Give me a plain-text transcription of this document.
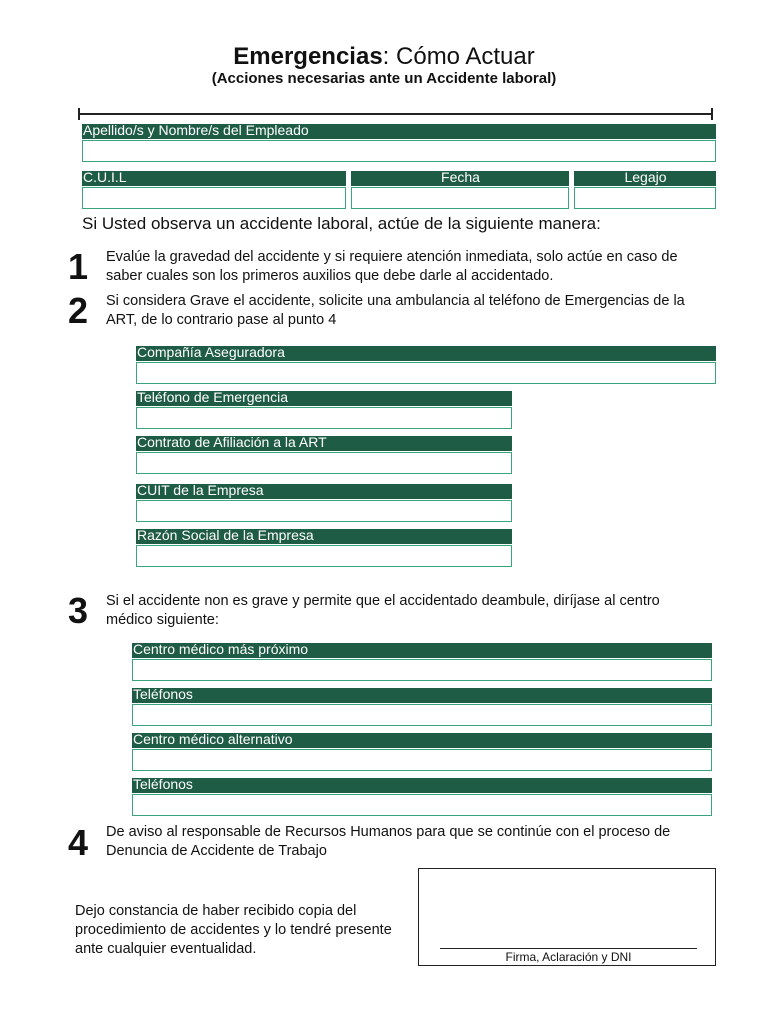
Emergencias: Cómo Actuar
(Acciones necesarias ante un Accidente laboral)
Apellido/s y Nombre/s del Empleado
C.U.I.L	Fecha	Legajo
Si Usted observa un accidente laboral, actúe de la siguiente manera:
1 Evalúe la gravedad del accidente y si requiere atención inmediata, solo actúe en caso de saber cuales son los primeros auxilios que debe darle al accidentado.
2 Si considera Grave el accidente, solicite una ambulancia al teléfono de Emergencias de la ART, de lo contrario pase al punto 4
Compañía Aseguradora
Teléfono de Emergencia
Contrato de Afiliación a la ART
CUIT de la Empresa
Razón Social de la Empresa
3 Si el accidente non es grave y permite que el accidentado deambule, diríjase al centro médico siguiente:
Centro médico más próximo
Teléfonos
Centro médico alternativo
Teléfonos
4 De aviso al responsable de Recursos Humanos para que se continúe con el proceso de Denuncia de Accidente de Trabajo
Dejo constancia de haber recibido copia del procedimiento de accidentes y lo tendré presente ante cualquier eventualidad.	Firma, Aclaración y DNI
